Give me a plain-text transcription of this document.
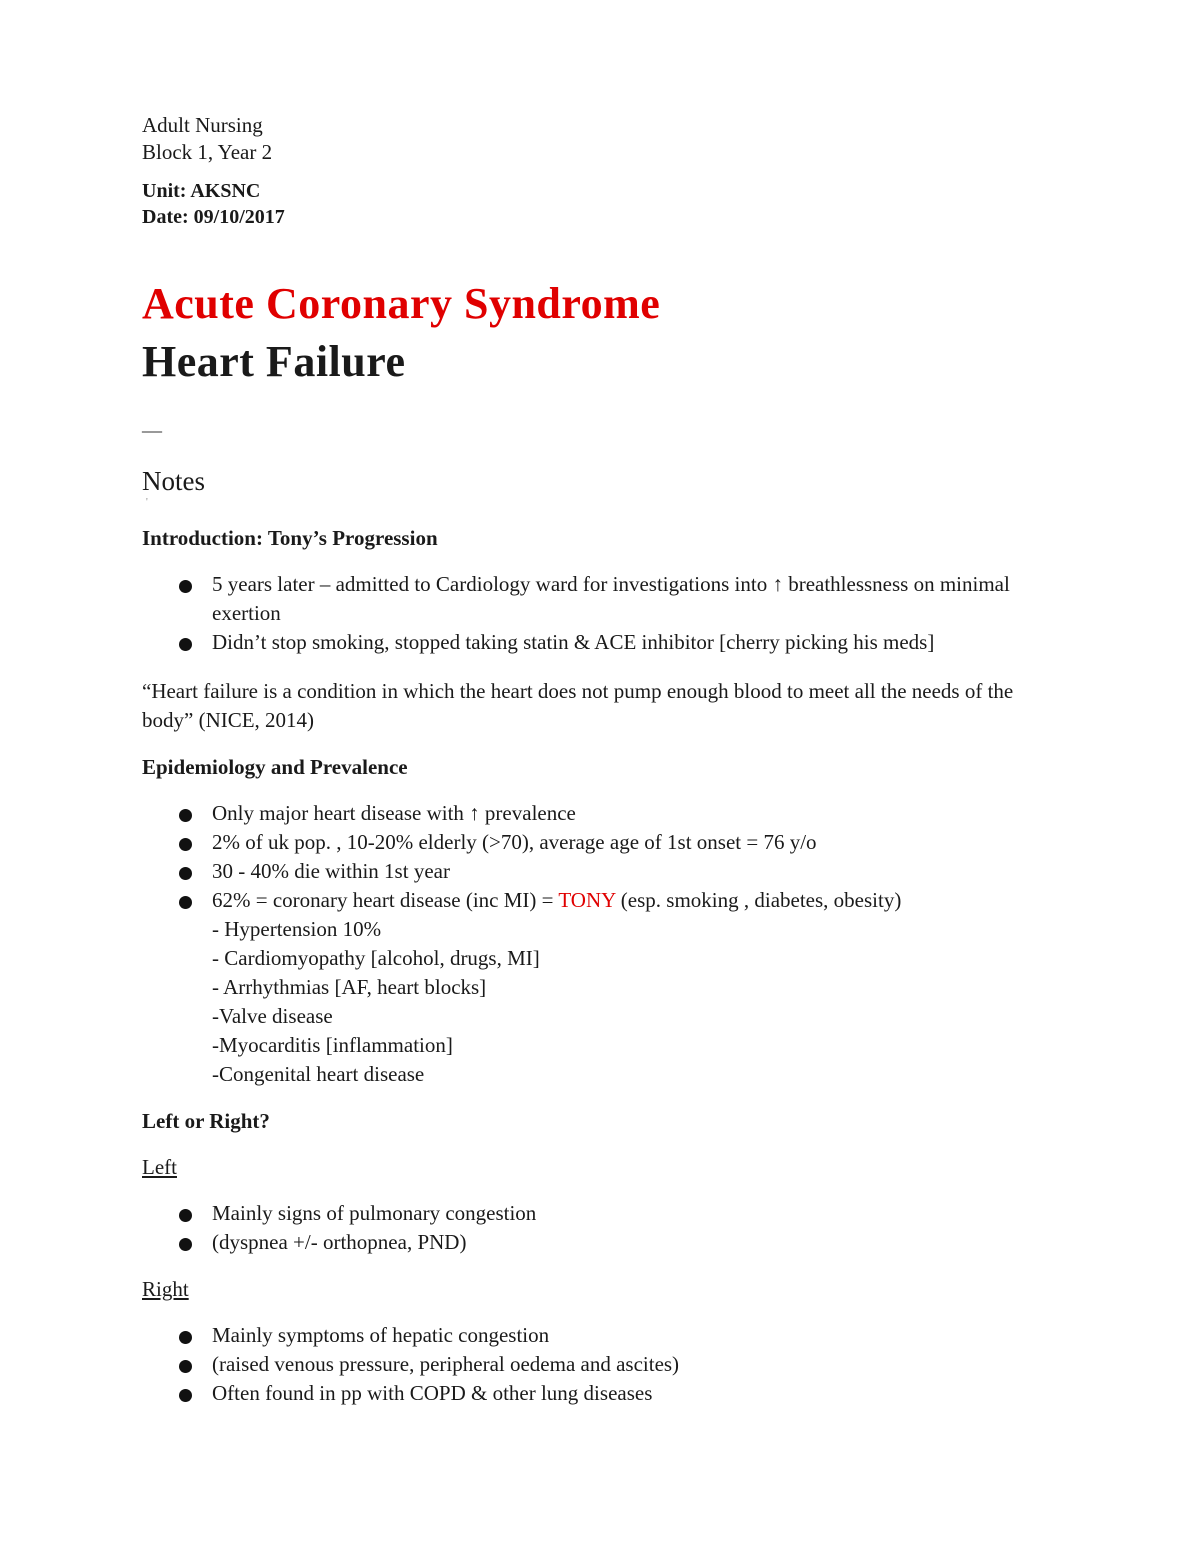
Adult Nursing

Block 1, Year 2

Unit: AKSNC

Date: 09/10/2017

Acute Coronary Syndrome
Heart Failure
__
Notes
'
Introduction: Tony’s Progression
5 years later – admitted to Cardiology ward for investigations into ↑ breathlessness on minimal exertion
Didn’t stop smoking, stopped taking statin & ACE inhibitor [cherry picking his meds]
“Heart failure is a condition in which the heart does not pump enough blood to meet all the needs of the body” (NICE, 2014)
Epidemiology and Prevalence
Only major heart disease with ↑ prevalence
2% of uk pop. , 10-20% elderly (>70), average age of 1st onset = 76 y/o
30 - 40% die within 1st year
62% = coronary heart disease (inc MI) = TONY (esp. smoking , diabetes, obesity)
- Hypertension 10%
- Cardiomyopathy [alcohol, drugs, MI]
- Arrhythmias [AF, heart blocks]
-Valve disease
-Myocarditis [inflammation]
-Congenital heart disease
Left or Right?
Left
Mainly signs of pulmonary congestion
(dyspnea +/- orthopnea, PND)
Right
Mainly symptoms of hepatic congestion
(raised venous pressure, peripheral oedema and ascites)
Often found in pp with COPD & other lung diseases
